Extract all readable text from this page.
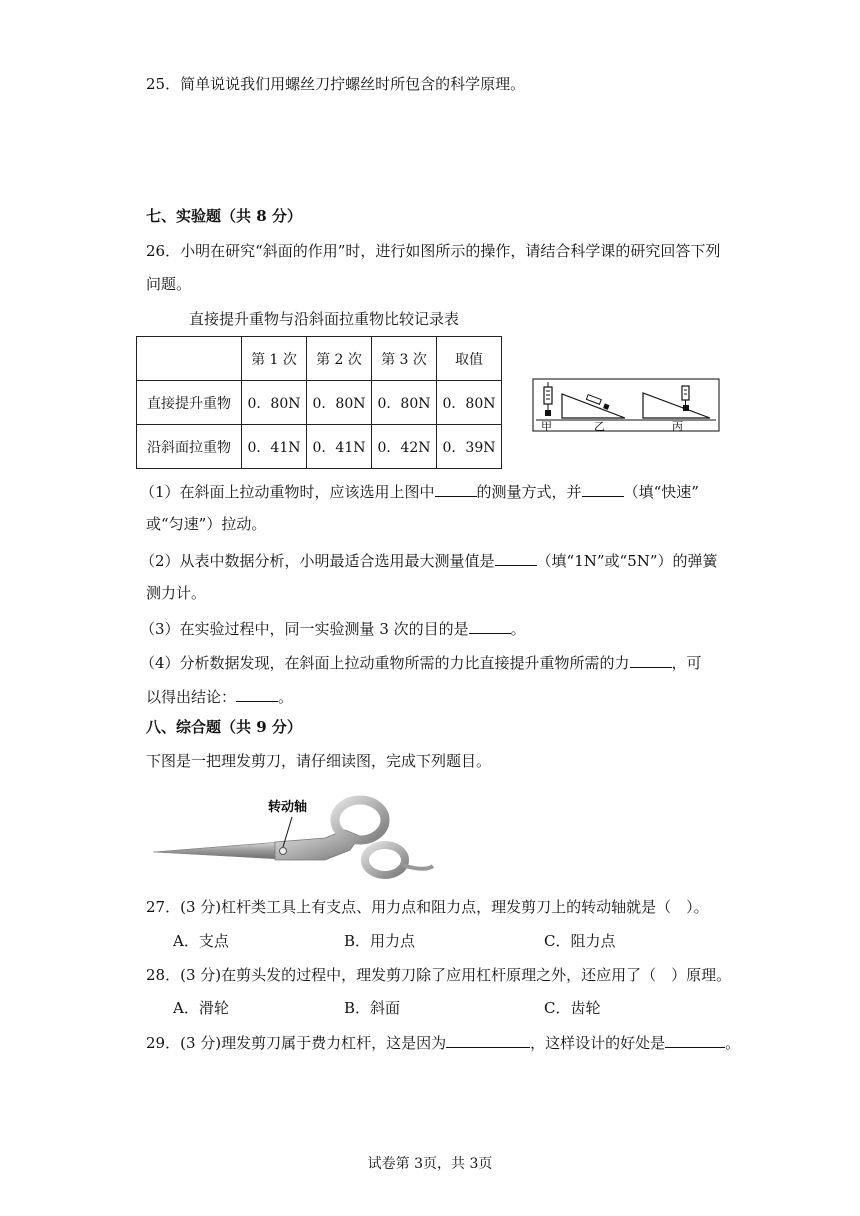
25．简单说说我们用螺丝刀拧螺丝时所包含的科学原理。
七、实验题（共 8 分）
26．小明在研究“斜面的作用”时，进行如图所示的操作，请结合科学课的研究回答下列
问题。
直接提升重物与沿斜面拉重物比较记录表
	第 1 次	第 2 次	第 3 次	取值
直接提升重物	0．80N	0．80N	0．80N	0．80N
沿斜面拉重物	0．41N	0．41N	0．42N	0．39N
甲	乙	丙
（1）在斜面上拉动重物时，应该选用上图中	的测量方式，并	（填“快速”
或“匀速”）拉动。
（2）从表中数据分析，小明最适合选用最大测量值是	（填“1N”或“5N”）的弹簧
测力计。
（3）在实验过程中，同一实验测量 3 次的目的是	。
（4）分析数据发现，在斜面上拉动重物所需的力比直接提升重物所需的力	，可
以得出结论：	。
八、综合题（共 9 分）
下图是一把理发剪刀，请仔细读图，完成下列题目。
转动轴
27．(3 分)杠杆类工具上有支点、用力点和阻力点，理发剪刀上的转动轴就是（　）。
A．支点	B．用力点	C．阻力点
28．(3 分)在剪头发的过程中，理发剪刀除了应用杠杆原理之外，还应用了（　）原理。
A．滑轮	B．斜面	C．齿轮
29．(3 分)理发剪刀属于费力杠杆，这是因为	，这样设计的好处是	。
试卷第 3页，共 3页
